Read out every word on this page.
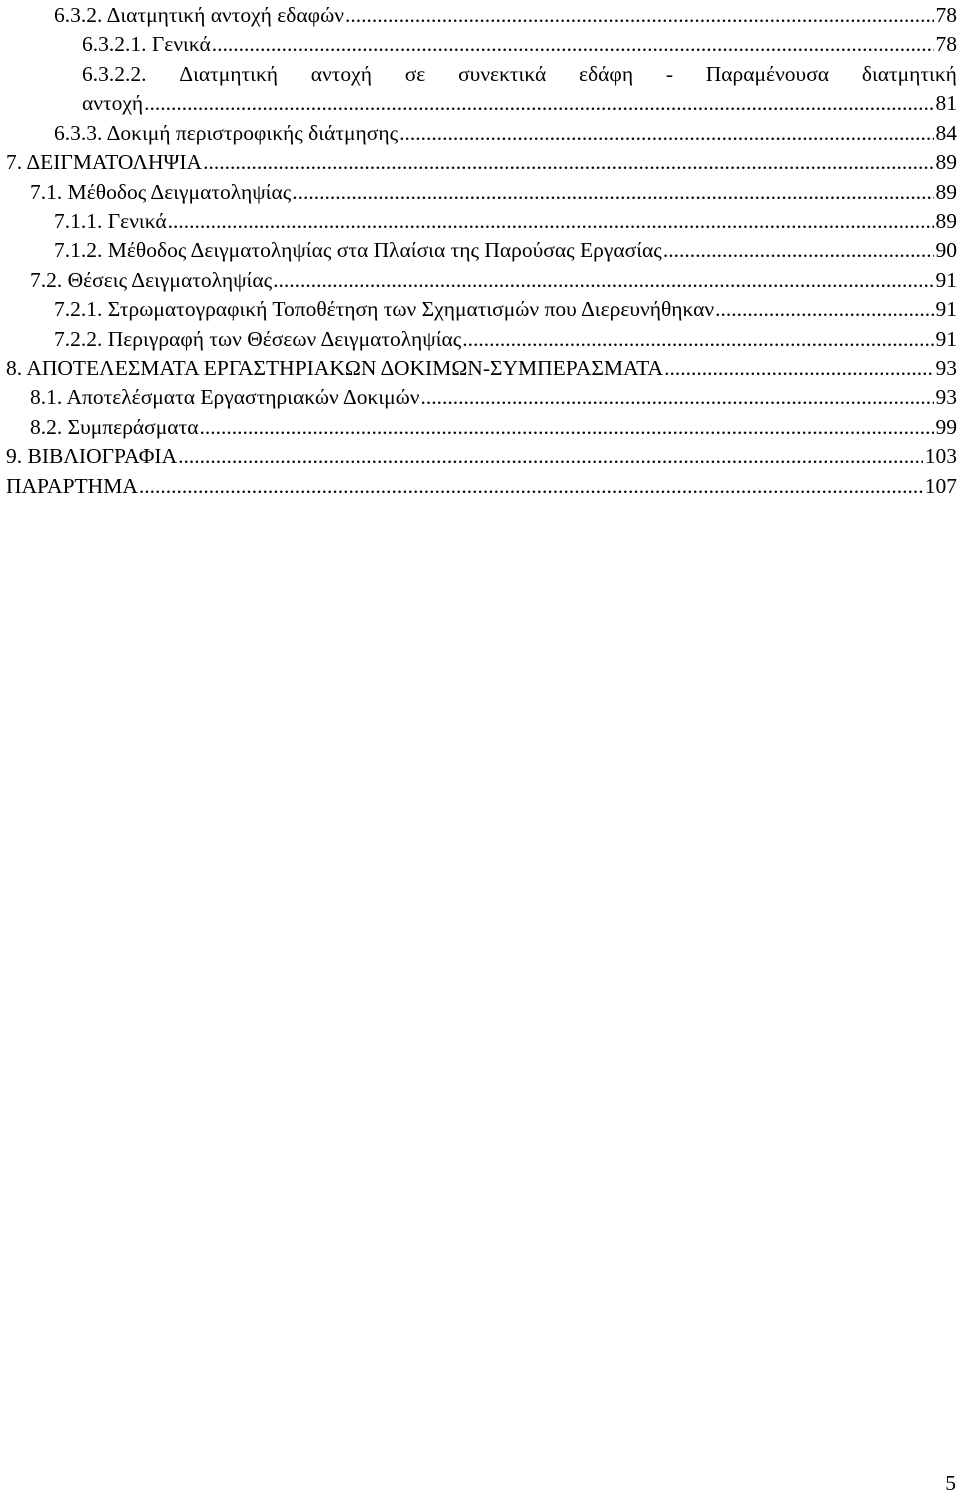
6.3.2. Διατμητική αντοχή εδαφών .....	78
6.3.2.1. Γενικά .....	78
6.3.2.2. Διατμητική αντοχή σε συνεκτικά εδάφη - Παραμένουσα διατμητική
αντοχή .....	81
6.3.3. Δοκιμή περιστροφικής διάτμησης .....	84
7. ΔΕΙΓΜΑΤΟΛΗΨΙΑ .....	89
7.1. Μέθοδος Δειγματοληψίας .....	89
7.1.1. Γενικά .....	89
7.1.2. Μέθοδος Δειγματοληψίας στα Πλαίσια της Παρούσας Εργασίας .....	90
7.2. Θέσεις Δειγματοληψίας .....	91
7.2.1. Στρωματογραφική Τοποθέτηση των Σχηματισμών που Διερευνήθηκαν .....	91
7.2.2. Περιγραφή των Θέσεων Δειγματοληψίας .....	91
8. ΑΠΟΤΕΛΕΣΜΑΤΑ ΕΡΓΑΣΤΗΡΙΑΚΩΝ ΔΟΚΙΜΩΝ-ΣΥΜΠΕΡΑΣΜΑΤΑ .....	93
8.1. Αποτελέσματα Εργαστηριακών Δοκιμών .....	93
8.2. Συμπεράσματα .....	99
9. ΒΙΒΛΙΟΓΡΑΦΙΑ .....	103
ΠΑΡΑΡΤΗΜΑ .....	107
5
